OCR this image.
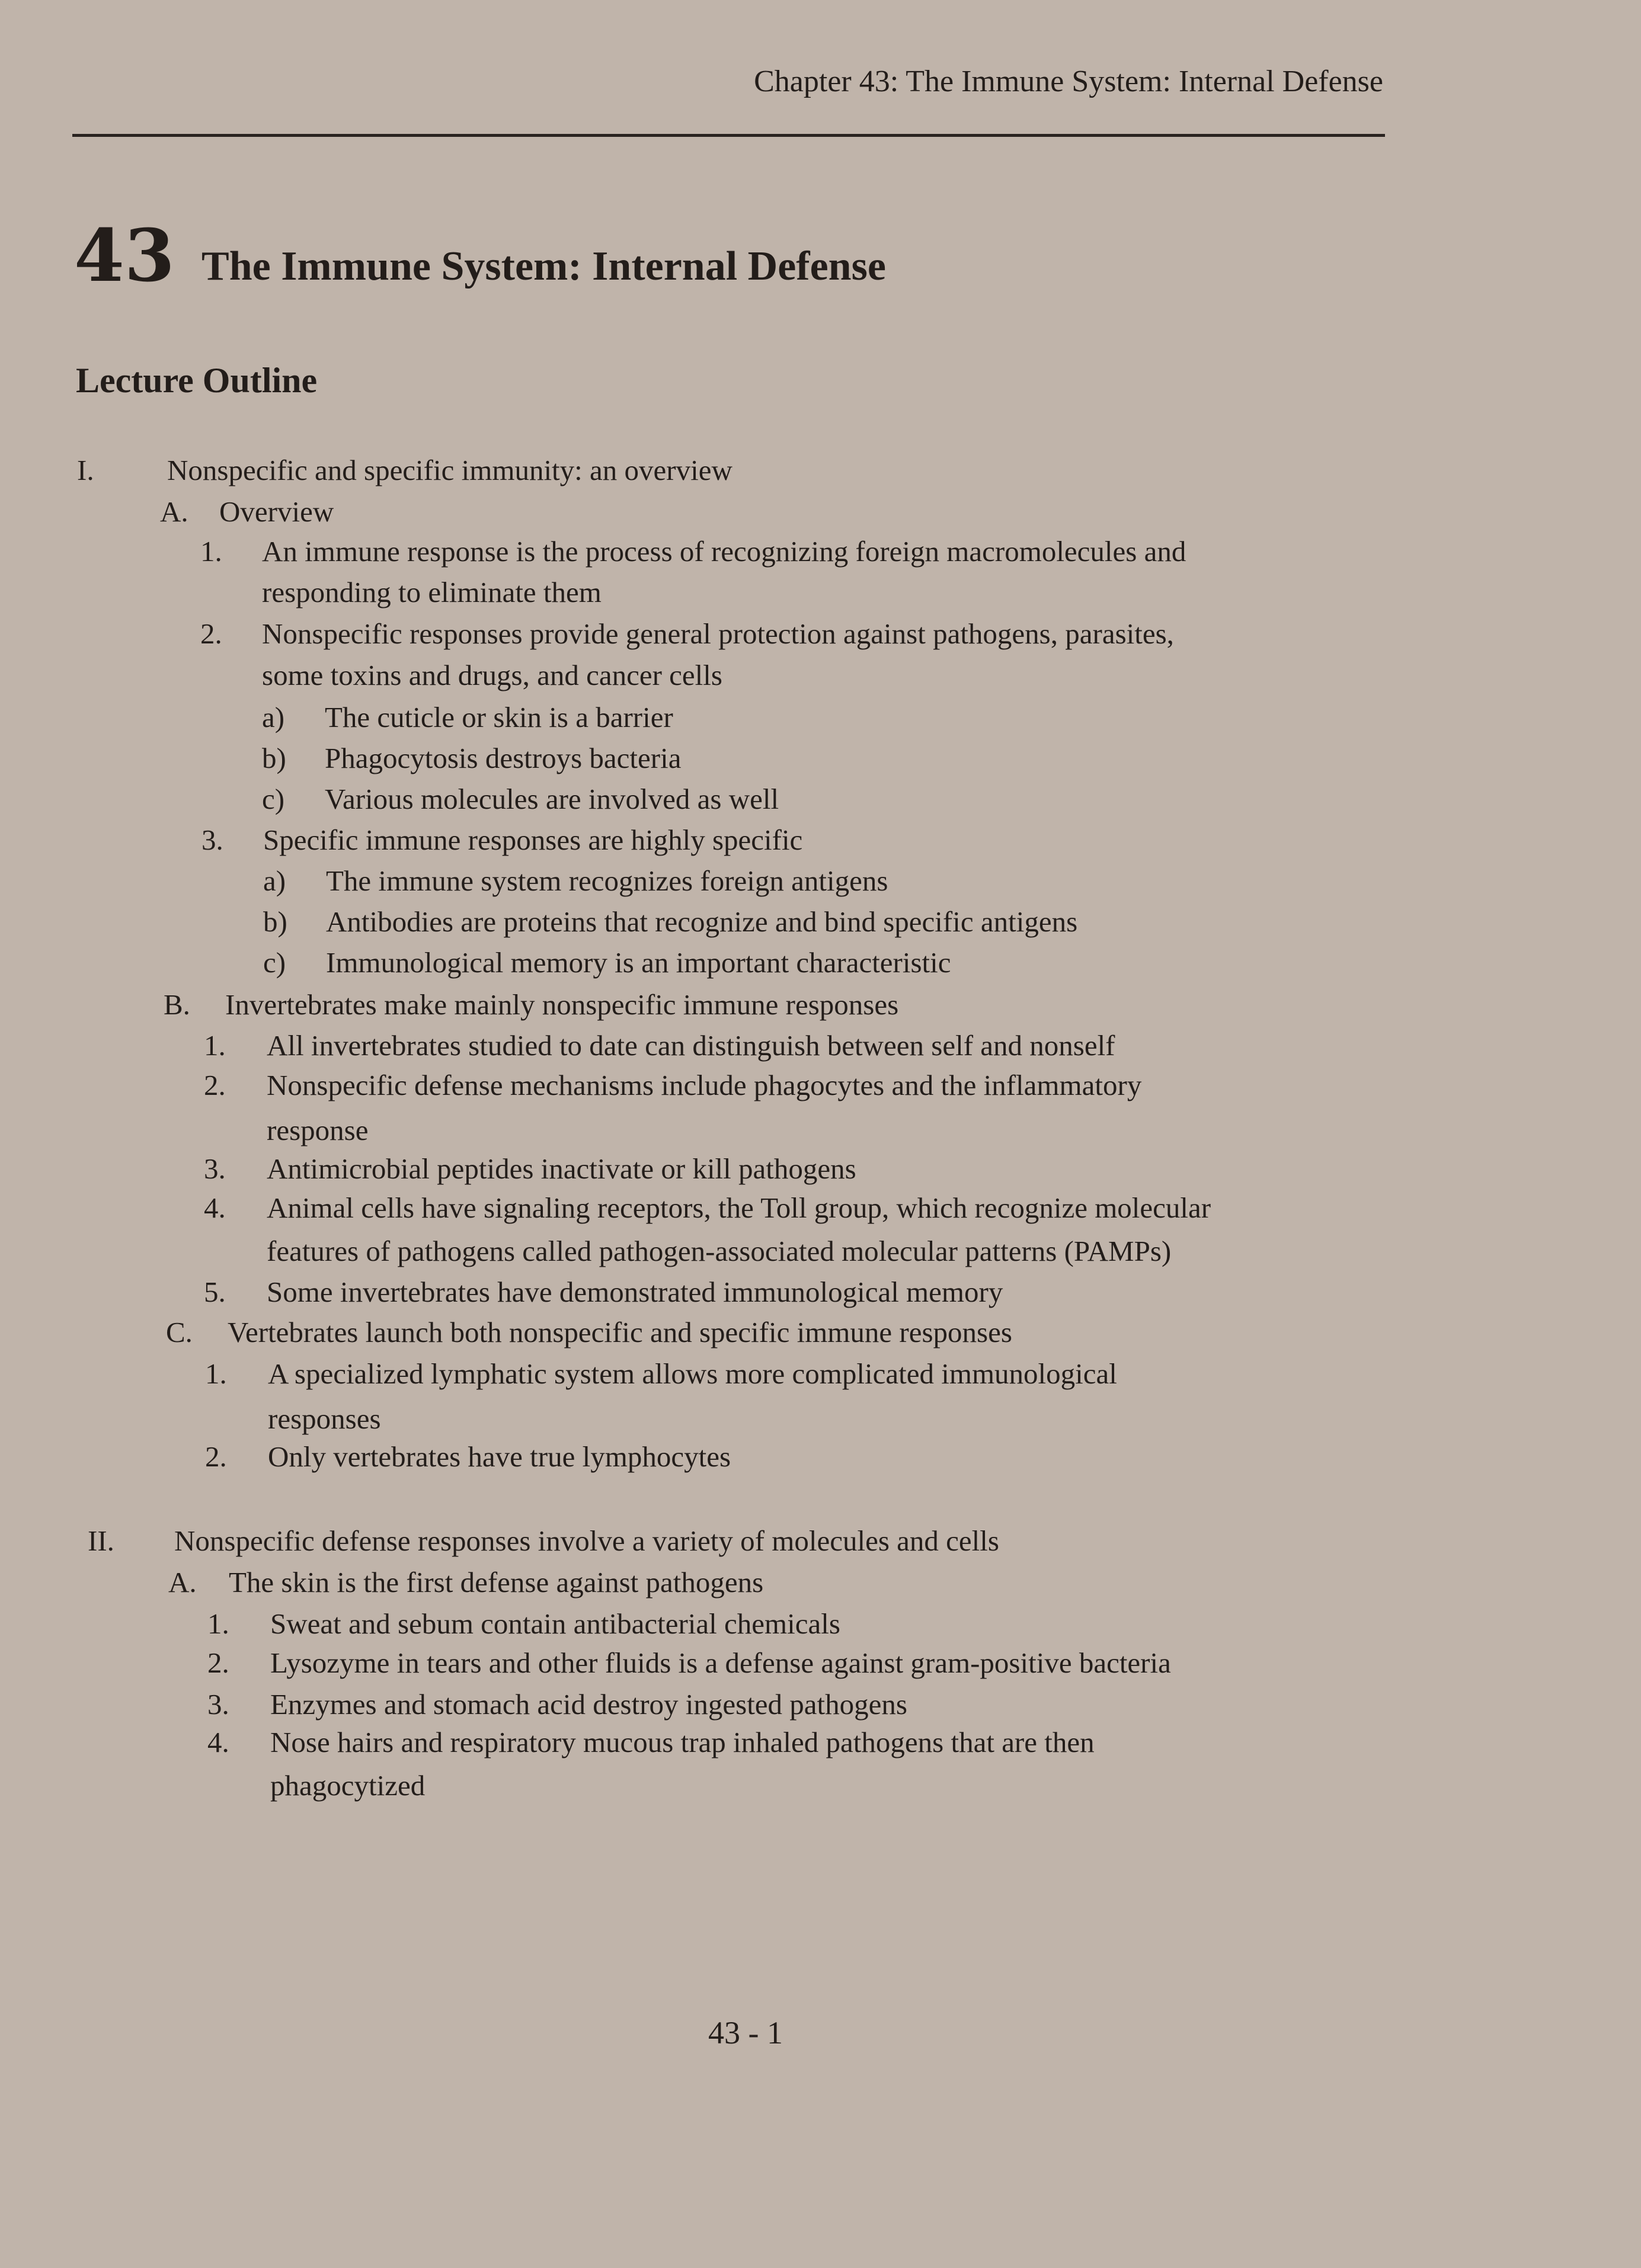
Chapter 43: The Immune System: Internal Defense
43 The Immune System: Internal Defense
Lecture Outline
I.	Nonspecific and specific immunity: an overview
A. Overview
1. An immune response is the process of recognizing foreign macromolecules and
responding to eliminate them
2. Nonspecific responses provide general protection against pathogens, parasites,
some toxins and drugs, and cancer cells
a) The cuticle or skin is a barrier
b) Phagocytosis destroys bacteria
c) Various molecules are involved as well
3. Specific immune responses are highly specific
a) The immune system recognizes foreign antigens
b) Antibodies are proteins that recognize and bind specific antigens
c) Immunological memory is an important characteristic
B. Invertebrates make mainly nonspecific immune responses
1. All invertebrates studied to date can distinguish between self and nonself
2. Nonspecific defense mechanisms include phagocytes and the inflammatory
response
3. Antimicrobial peptides inactivate or kill pathogens
4. Animal cells have signaling receptors, the Toll group, which recognize molecular
features of pathogens called pathogen-associated molecular patterns (PAMPs)
5. Some invertebrates have demonstrated immunological memory
C. Vertebrates launch both nonspecific and specific immune responses
1. A specialized lymphatic system allows more complicated immunological
responses
2. Only vertebrates have true lymphocytes
II. Nonspecific defense responses involve a variety of molecules and cells
A. The skin is the first defense against pathogens
1. Sweat and sebum contain antibacterial chemicals
2. Lysozyme in tears and other fluids is a defense against gram-positive bacteria
3. Enzymes and stomach acid destroy ingested pathogens
4. Nose hairs and respiratory mucous trap inhaled pathogens that are then
phagocytized
43 - 1
